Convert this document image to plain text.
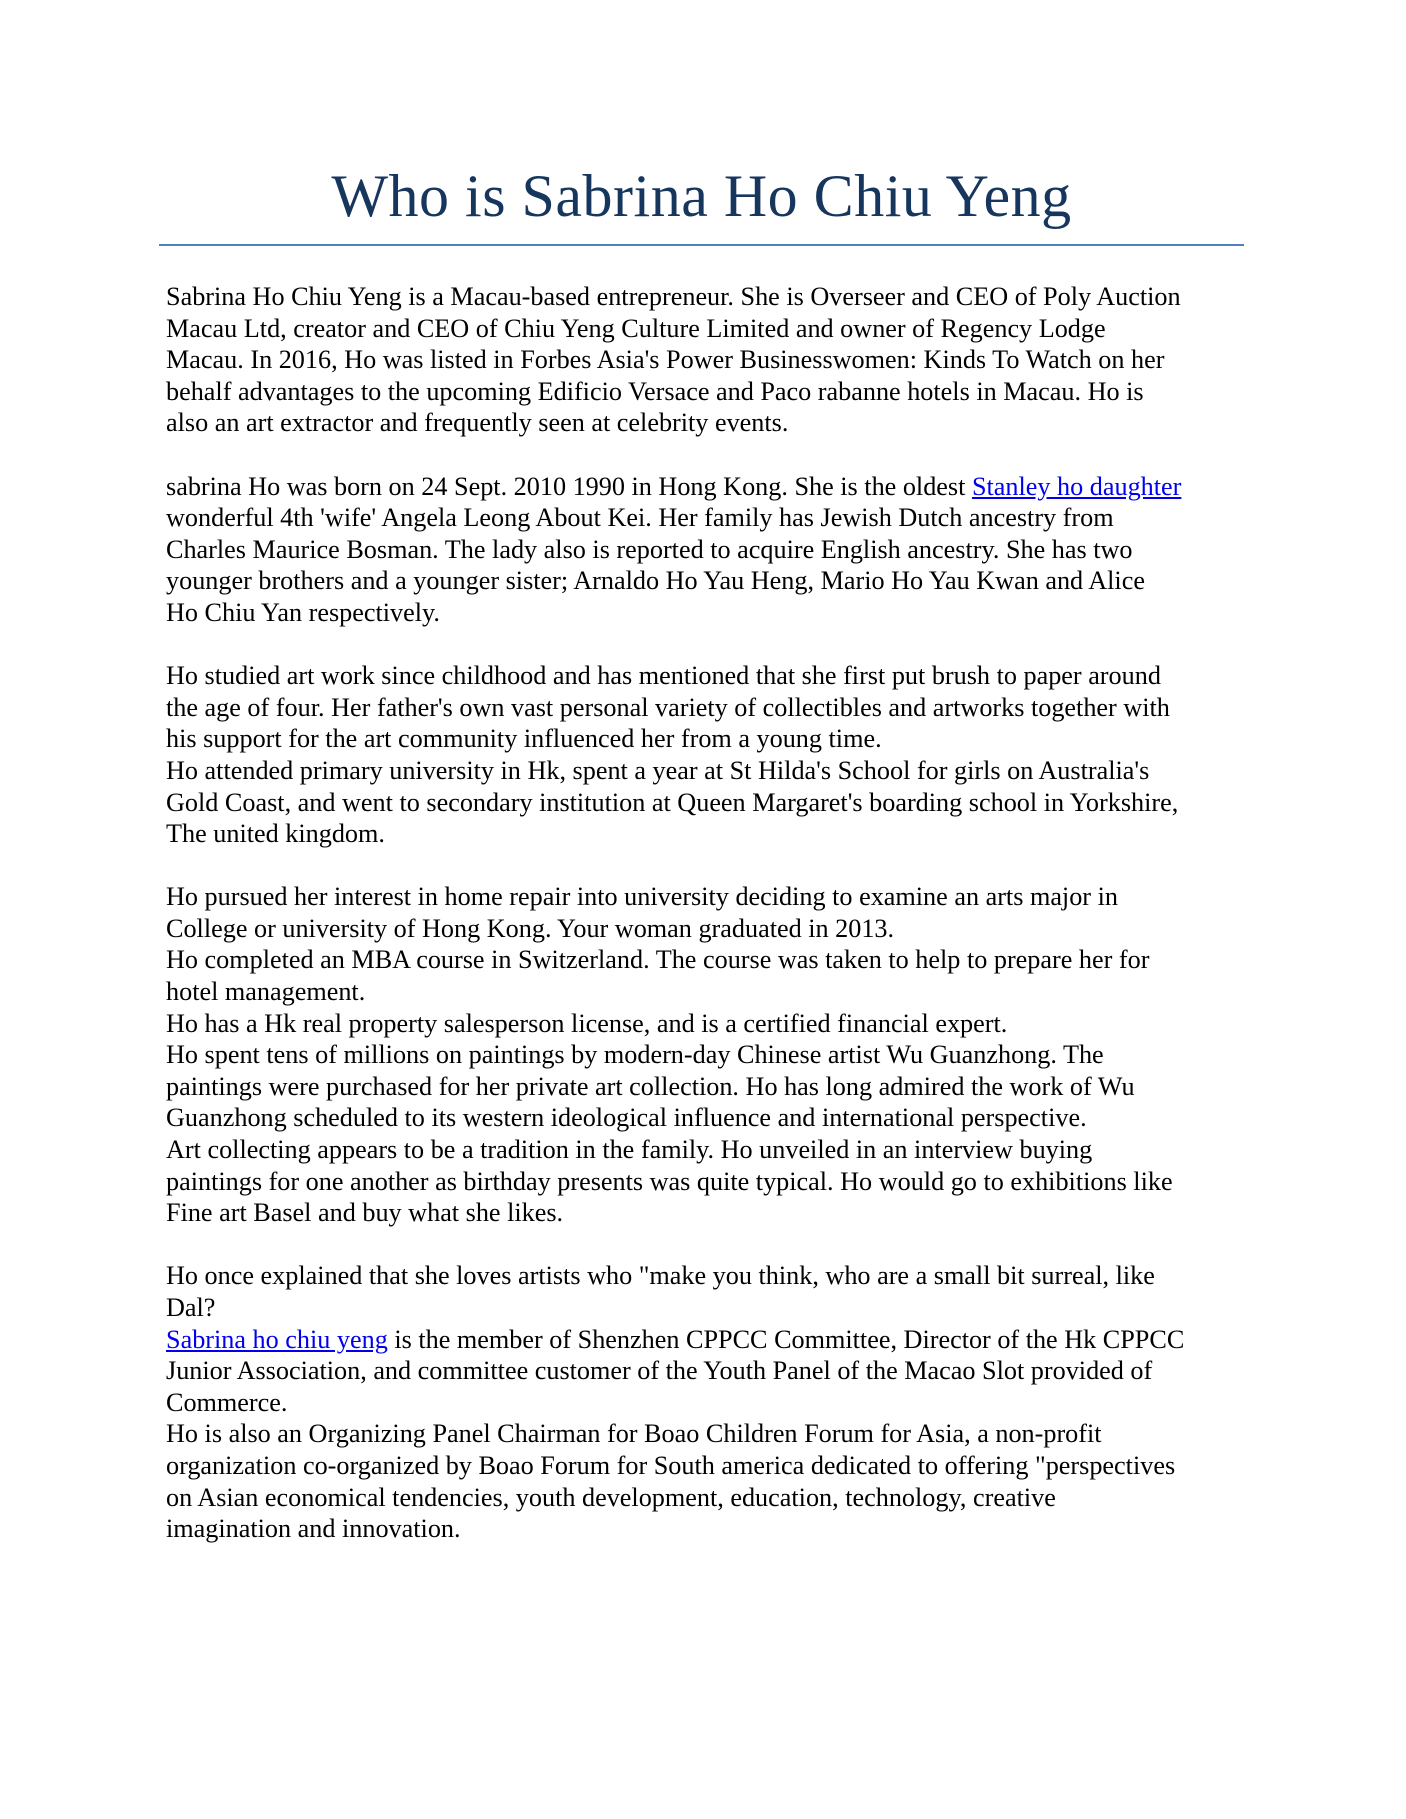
Who is Sabrina Ho Chiu Yeng

Sabrina Ho Chiu Yeng is a Macau-based entrepreneur. She is Overseer and CEO of Poly Auction
Macau Ltd, creator and CEO of Chiu Yeng Culture Limited and owner of Regency Lodge
Macau. In 2016, Ho was listed in Forbes Asia's Power Businesswomen: Kinds To Watch on her
behalf advantages to the upcoming Edificio Versace and Paco rabanne hotels in Macau. Ho is
also an art extractor and frequently seen at celebrity events.

sabrina Ho was born on 24 Sept. 2010 1990 in Hong Kong. She is the oldest Stanley ho daughter
wonderful 4th 'wife' Angela Leong About Kei. Her family has Jewish Dutch ancestry from
Charles Maurice Bosman. The lady also is reported to acquire English ancestry. She has two
younger brothers and a younger sister; Arnaldo Ho Yau Heng, Mario Ho Yau Kwan and Alice
Ho Chiu Yan respectively.

Ho studied art work since childhood and has mentioned that she first put brush to paper around
the age of four. Her father's own vast personal variety of collectibles and artworks together with
his support for the art community influenced her from a young time.
Ho attended primary university in Hk, spent a year at St Hilda's School for girls on Australia's
Gold Coast, and went to secondary institution at Queen Margaret's boarding school in Yorkshire,
The united kingdom.

Ho pursued her interest in home repair into university deciding to examine an arts major in
College or university of Hong Kong. Your woman graduated in 2013.
Ho completed an MBA course in Switzerland. The course was taken to help to prepare her for
hotel management.
Ho has a Hk real property salesperson license, and is a certified financial expert.
Ho spent tens of millions on paintings by modern-day Chinese artist Wu Guanzhong. The
paintings were purchased for her private art collection. Ho has long admired the work of Wu
Guanzhong scheduled to its western ideological influence and international perspective.
Art collecting appears to be a tradition in the family. Ho unveiled in an interview buying
paintings for one another as birthday presents was quite typical. Ho would go to exhibitions like
Fine art Basel and buy what she likes.

Ho once explained that she loves artists who "make you think, who are a small bit surreal, like
Dal?
Sabrina ho chiu yeng is the member of Shenzhen CPPCC Committee, Director of the Hk CPPCC
Junior Association, and committee customer of the Youth Panel of the Macao Slot provided of
Commerce.
Ho is also an Organizing Panel Chairman for Boao Children Forum for Asia, a non-profit
organization co-organized by Boao Forum for South america dedicated to offering "perspectives
on Asian economical tendencies, youth development, education, technology, creative
imagination and innovation.
